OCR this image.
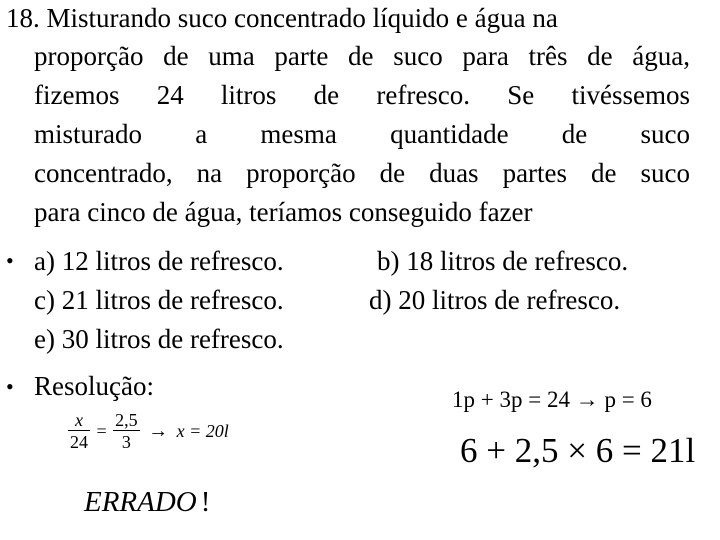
18. Misturando suco concentrado líquido e água na
proporção de uma parte de suco para três de água,
fizemos 24 litros de refresco. Se tivéssemos
misturado a mesma quantidade de suco
concentrado, na proporção de duas partes de suco
para cinco de água, teríamos conseguido fazer
• a) 12 litros de refresco.	b) 18 litros de refresco.
c) 21 litros de refresco.	d) 20 litros de refresco.
e) 30 litros de refresco.
• Resolução:
$\frac{x}{24} = \frac{2,5}{3} \to x = 20l$
ERRADO !
1p + 3p = 24 → p = 6
6 + 2,5 × 6 = 21l
